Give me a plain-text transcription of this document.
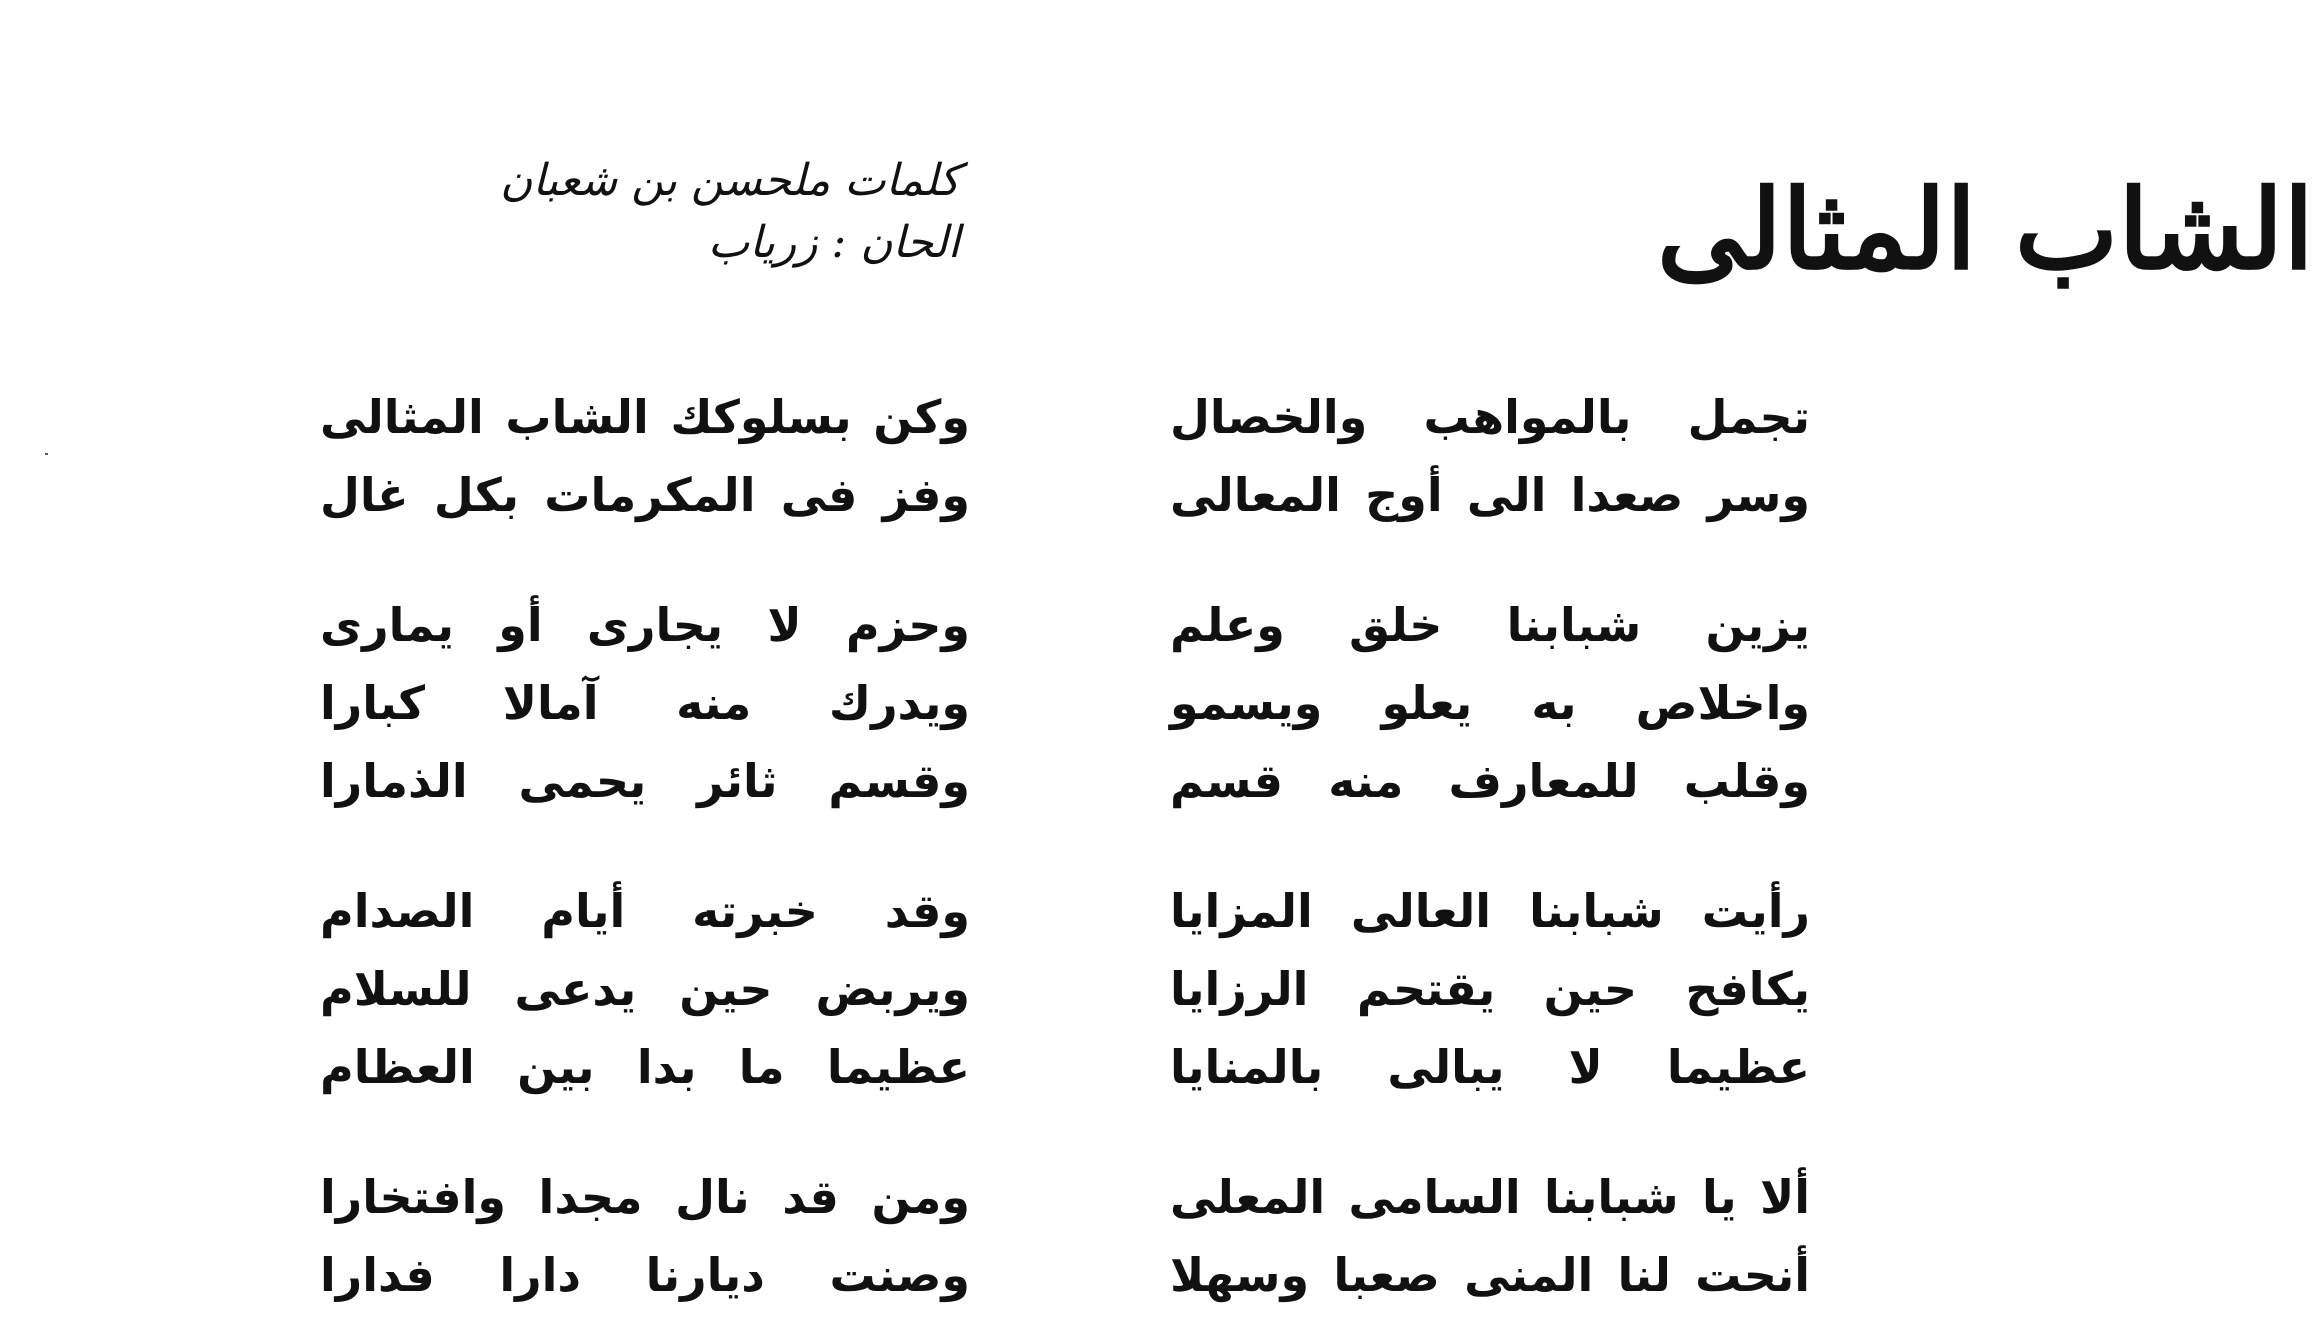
الشاب المثالى
كلمات ملحسن بن شعبان
الحان : زرياب
تجمل بالمواهب والخصال
وسر صعدا الى أوج المعالى
يزين شبابنا خلق وعلم
واخلاص به يعلو ويسمو
وقلب للمعارف منه قسم
رأيت شبابنا العالى المزايا
يكافح حين يقتحم الرزايا
عظيما لا يبالى بالمنايا
ألا يا شبابنا السامى المعلى
أنحت لنا المنى صعبا وسهلا
وكن بسلوكك الشاب المثالى
وفز فى المكرمات بكل غال
وحزم لا يجارى أو يمارى
ويدرك منه آمالا كبارا
وقسم ثائر يحمى الذمارا
وقد خبرته أيام الصدام
ويربض حين يدعى للسلام
عظيما ما بدا بين العظام
ومن قد نال مجدا وافتخارا
وصنت ديارنا دارا فدارا
